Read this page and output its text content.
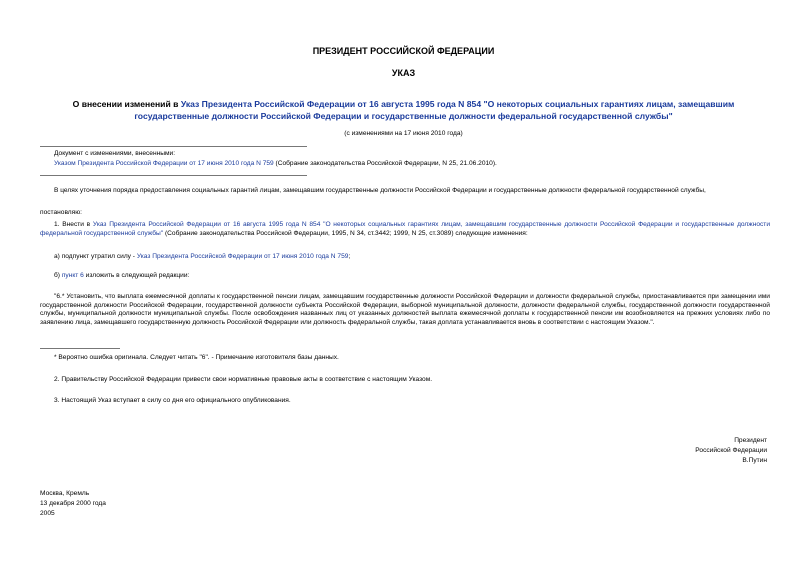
ПРЕЗИДЕНТ РОССИЙСКОЙ ФЕДЕРАЦИИ
УКАЗ
О внесении изменений в Указ Президента Российской Федерации от 16 августа 1995 года N 854 "О некоторых социальных гарантиях лицам, замещавшим государственные должности Российской Федерации и государственные должности федеральной государственной службы"
(с изменениями на 17 июня 2010 года)
Документ с изменениями, внесенными:
Указом Президента Российской Федерации от 17 июня 2010 года N 759 (Собрание законодательства Российской Федерации, N 25, 21.06.2010).
В целях уточнения порядка предоставления социальных гарантий лицам, замещавшим государственные должности Российской Федерации и государственные должности федеральной государственной службы,
постановляю:
1. Внести в Указ Президента Российской Федерации от 16 августа 1995 года N 854 "О некоторых социальных гарантиях лицам, замещавшим государственные должности Российской Федерации и государственные должности федеральной государственной службы" (Собрание законодательства Российской Федерации, 1995, N 34, ст.3442; 1999, N 25, ст.3089) следующие изменения:
а) подпункт утратил силу - Указ Президента Российской Федерации от 17 июня 2010 года N 759;
б) пункт 6 изложить в следующей редакции:
"6.* Установить, что выплата ежемесячной доплаты к государственной пенсии лицам, замещавшим государственные должности Российской Федерации и должности федеральной службы, приостанавливается при замещении ими государственной должности Российской Федерации, государственной должности субъекта Российской Федерации, выборной муниципальной должности, должности федеральной службы, государственной должности государственной службы, муниципальной должности муниципальной службы. После освобождения названных лиц от указанных должностей выплата ежемесячной доплаты к государственной пенсии им возобновляется на прежних условиях либо по заявлению лица, замещавшего государственную должность Российской Федерации или должность федеральной службы, такая доплата устанавливается вновь в соответствии с настоящим Указом.".
* Вероятно ошибка оригинала. Следует читать "6". - Примечание изготовителя базы данных.
2. Правительству Российской Федерации привести свои нормативные правовые акты в соответствие с настоящим Указом.
3. Настоящий Указ вступает в силу со дня его официального опубликования.
Президент
Российской Федерации
В.Путин
Москва, Кремль
13 декабря 2000 года
2005
